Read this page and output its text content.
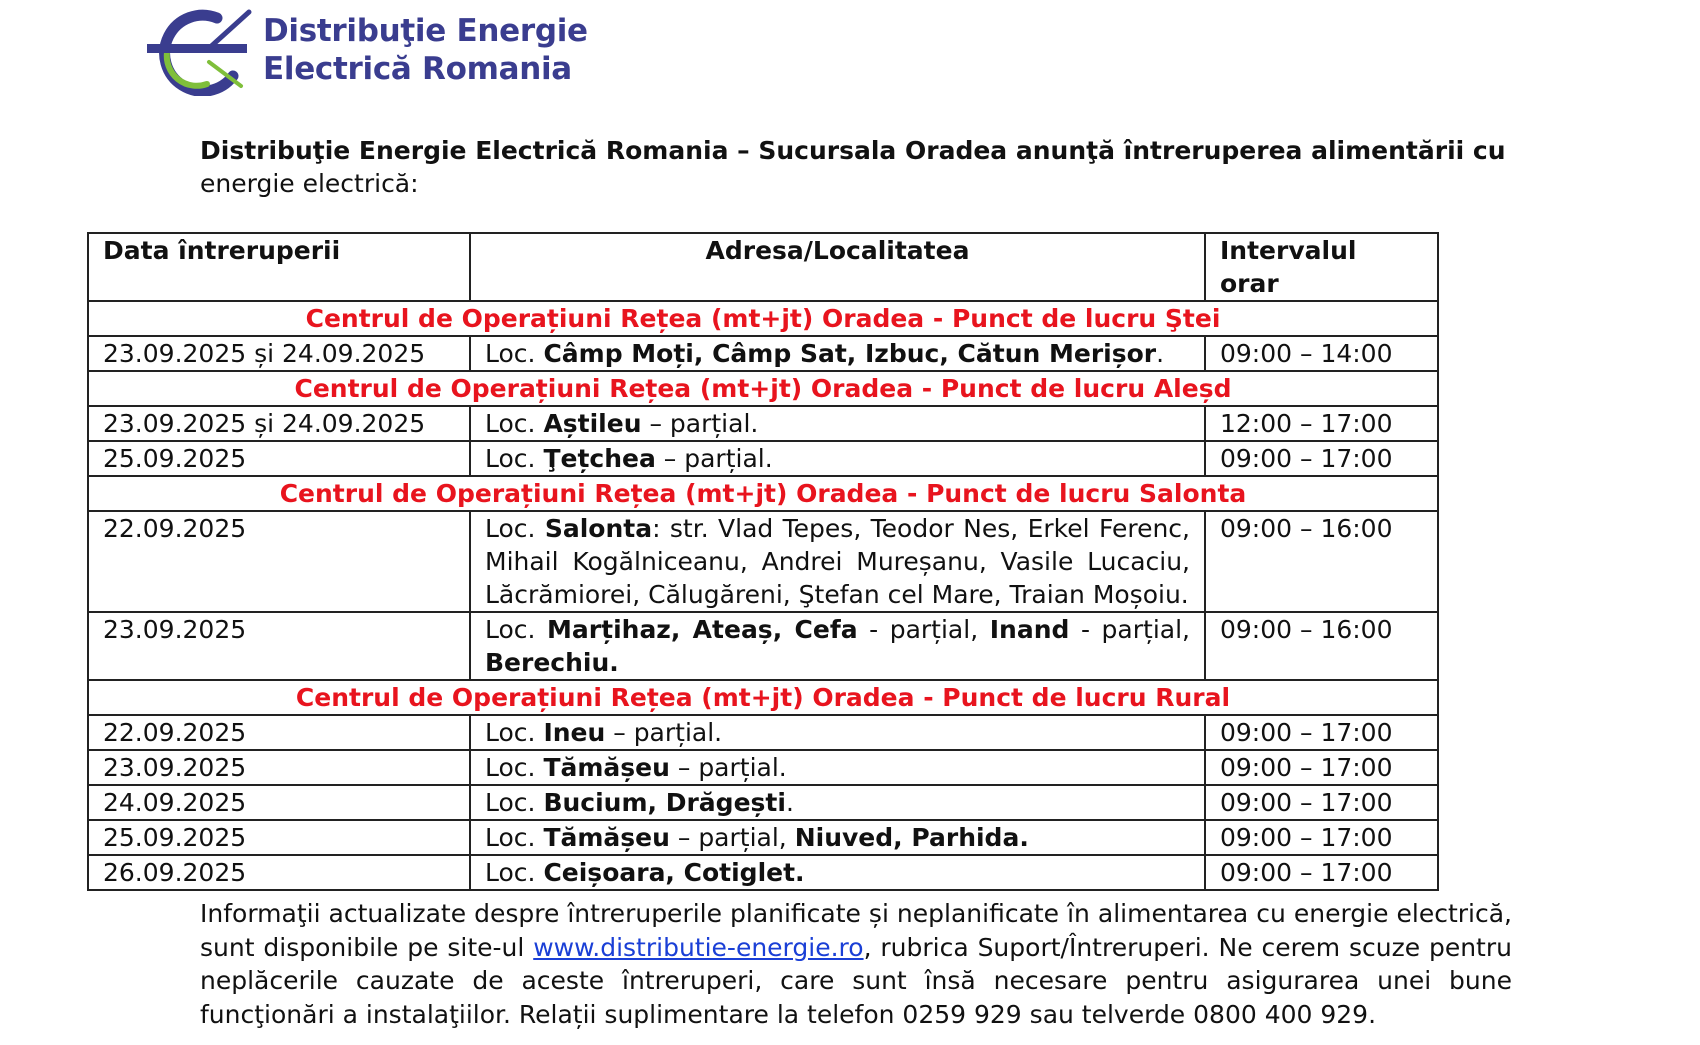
Distribuţie Energie
Electrică Romania
Distribuţie Energie Electrică Romania – Sucursala Oradea anunţă întreruperea alimentării cu
energie electrică:
Data întreruperii	Adresa/Localitatea	Intervalul orar
Centrul de Operațiuni Rețea (mt+jt) Oradea - Punct de lucru Ştei		
23.09.2025 și 24.09.2025	Loc. Câmp Moți, Câmp Sat, Izbuc, Cătun Merișor.	09:00 – 14:00
Centrul de Operațiuni Rețea (mt+jt) Oradea - Punct de lucru Aleșd		
23.09.2025 și 24.09.2025	Loc. Aștileu – parțial.	12:00 – 17:00
25.09.2025	Loc. Ţețchea – parțial.	09:00 – 17:00
Centrul de Operațiuni Rețea (mt+jt) Oradea - Punct de lucru Salonta		
22.09.2025	Loc. Salonta: str. Vlad Tepes, Teodor Nes, Erkel Ferenc, Mihail Kogălniceanu, Andrei Mureșanu, Vasile Lucaciu, Lăcrămiorei, Călugăreni, Ştefan cel Mare, Traian Moșoiu.	09:00 – 16:00
23.09.2025	Loc. Marțihaz, Ateaș, Cefa - parțial, Inand - parțial, Berechiu.	09:00 – 16:00
Centrul de Operațiuni Rețea (mt+jt) Oradea - Punct de lucru Rural		
22.09.2025	Loc. Ineu – parțial.	09:00 – 17:00
23.09.2025	Loc. Tămășeu – parțial.	09:00 – 17:00
24.09.2025	Loc. Bucium, Drăgești.	09:00 – 17:00
25.09.2025	Loc. Tămășeu – parțial, Niuved, Parhida.	09:00 – 17:00
26.09.2025	Loc. Ceișoara, Cotiglet.	09:00 – 17:00
Informaţii actualizate despre întreruperile planificate și neplanificate în alimentarea cu energie electrică, sunt disponibile pe site-ul www.distributie-energie.ro, rubrica Suport/Întreruperi. Ne cerem scuze pentru neplăcerile cauzate de aceste întreruperi, care sunt însă necesare pentru asigurarea unei bune funcţionări a instalaţiilor. Relații suplimentare la telefon 0259 929 sau telverde 0800 400 929.
